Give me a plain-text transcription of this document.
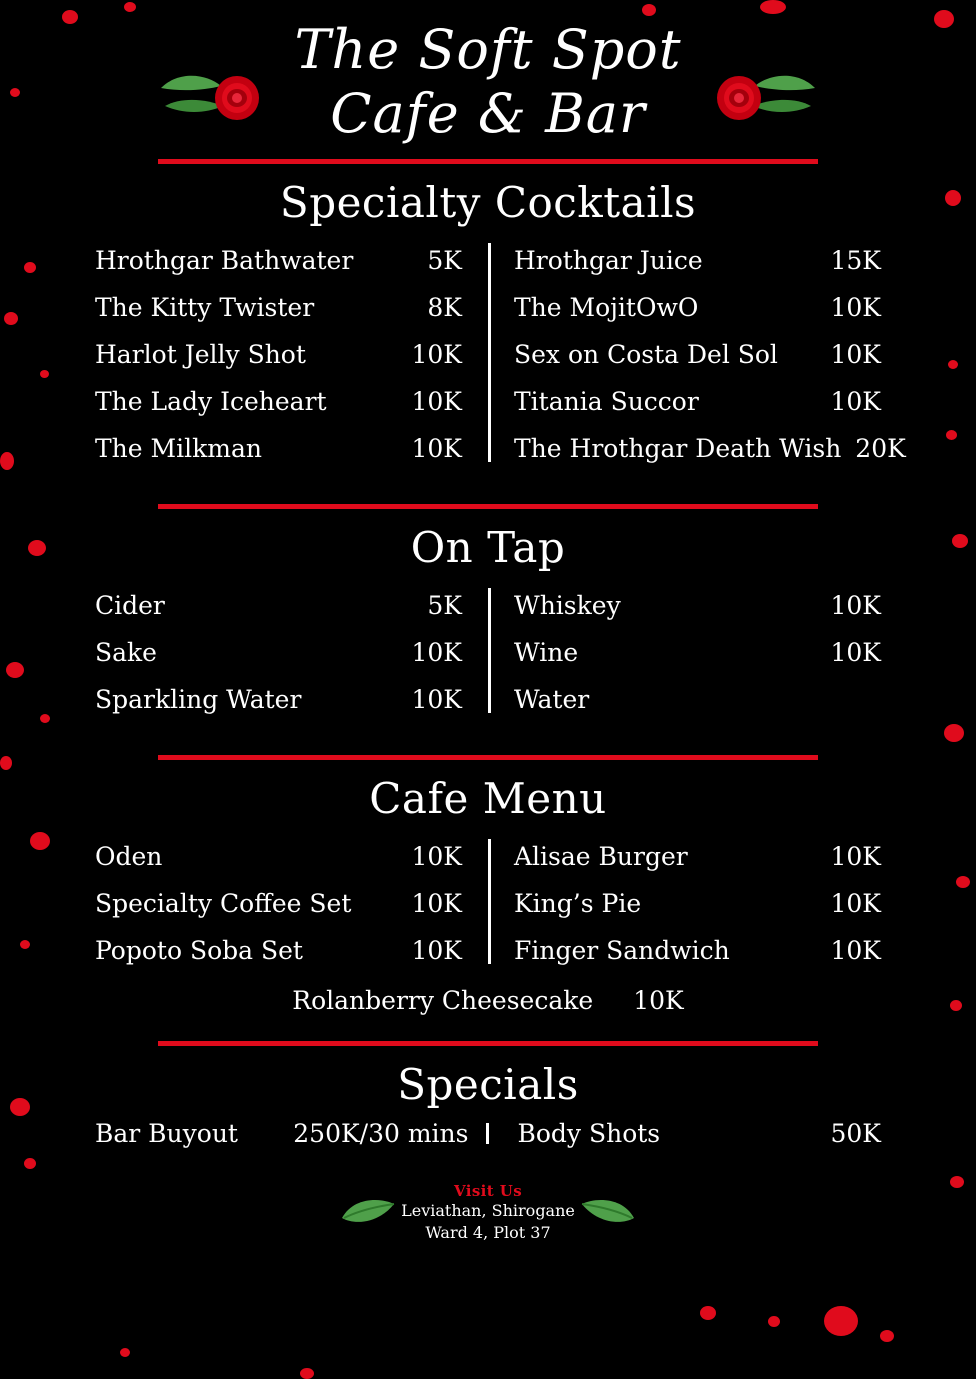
The Soft Spot
Cafe & Bar
Specialty Cocktails
Hrothgar Bathwater	5K
The Kitty Twister	8K
Harlot Jelly Shot	10K
The Lady Iceheart	10K
The Milkman	10K
Hrothgar Juice	15K
The MojitOwO	10K
Sex on Costa Del Sol	10K
Titania Succor	10K
The Hrothgar Death Wish 20K
On Tap
Cider	5K
Sake	10K
Sparkling Water	10K
Whiskey	10K
Wine	10K
Water
Cafe Menu
Oden	10K
Specialty Coffee Set	10K
Popoto Soba Set	10K
Alisae Burger	10K
King’s Pie	10K
Finger Sandwich	10K
Rolanberry Cheesecake 10K
Specials
Bar Buyout 250K/30 mins Body Shots	50K
Visit Us
Leviathan, Shirogane
Ward 4, Plot 37
